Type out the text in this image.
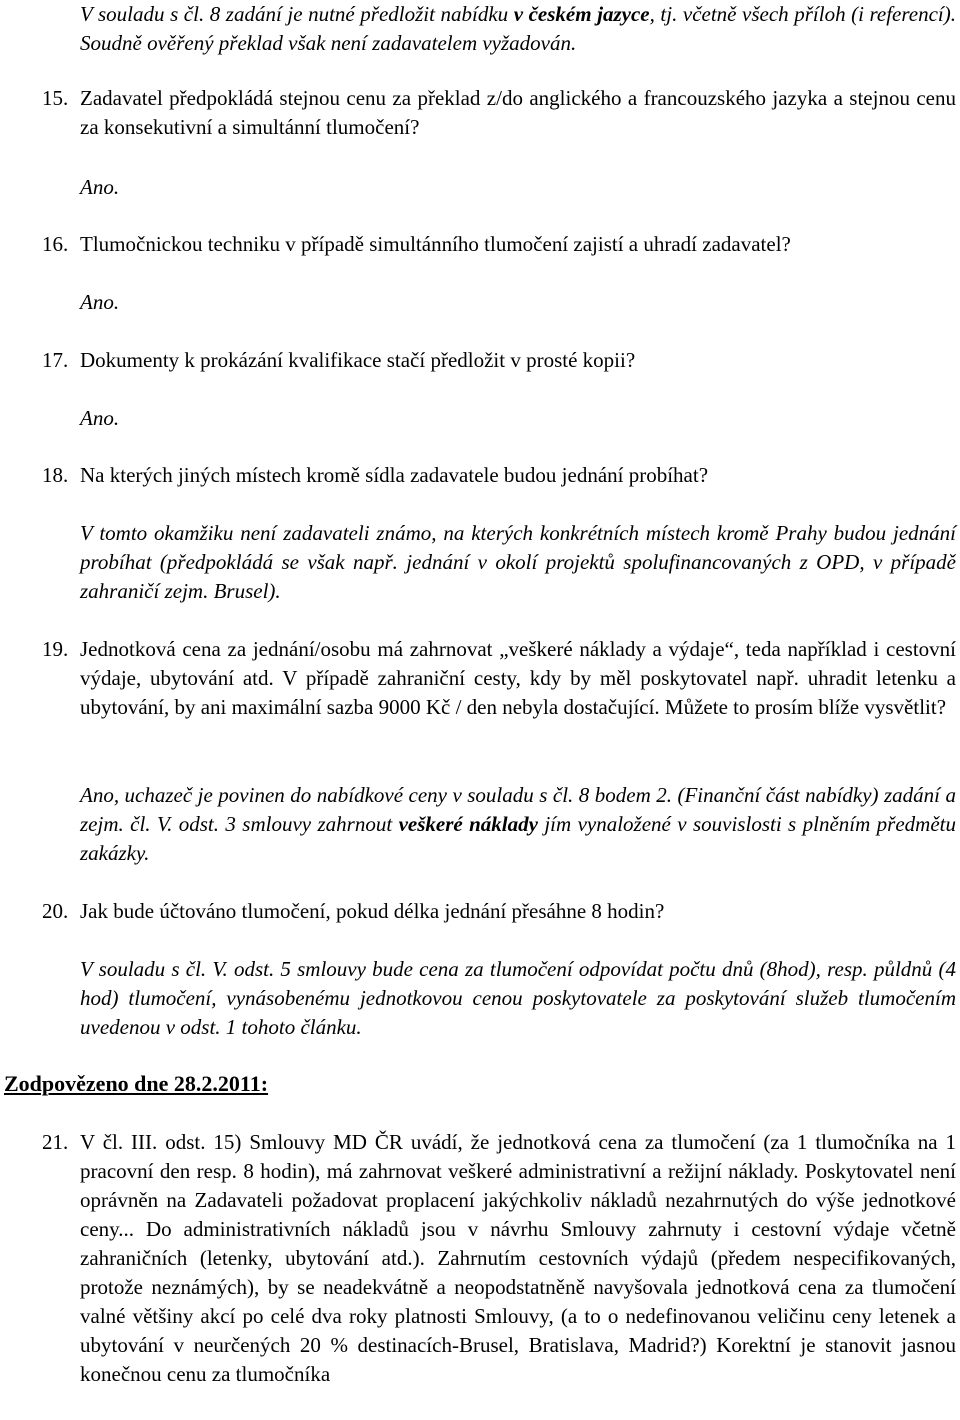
V souladu s čl. 8 zadání je nutné předložit nabídku v českém jazyce, tj. včetně všech příloh (i referencí). Soudně ověřený překlad však není zadavatelem vyžadován.
15. Zadavatel předpokládá stejnou cenu za překlad z/do anglického a francouzského jazyka a stejnou cenu za konsekutivní a simultánní tlumočení?
Ano.
16. Tlumočnickou techniku v případě simultánního tlumočení zajistí a uhradí zadavatel?
Ano.
17. Dokumenty k prokázání kvalifikace stačí předložit v prosté kopii?
Ano.
18. Na kterých jiných místech kromě sídla zadavatele budou jednání probíhat?
V tomto okamžiku není zadavateli známo, na kterých konkrétních místech kromě Prahy budou jednání probíhat (předpokládá se však např. jednání v okolí projektů spolufinancovaných z OPD, v případě zahraničí zejm. Brusel).
19. Jednotková cena za jednání/osobu má zahrnovat „veškeré náklady a výdaje“, teda například i cestovní výdaje, ubytování atd. V případě zahraniční cesty, kdy by měl poskytovatel např. uhradit letenku a ubytování, by ani maximální sazba 9000 Kč / den nebyla dostačující. Můžete to prosím blíže vysvětlit?
Ano, uchazeč je povinen do nabídkové ceny v souladu s čl. 8 bodem 2. (Finanční část nabídky) zadání a zejm. čl. V. odst. 3 smlouvy zahrnout veškeré náklady jím vynaložené v souvislosti s plněním předmětu zakázky.
20. Jak bude účtováno tlumočení, pokud délka jednání přesáhne 8 hodin?
V souladu s čl. V. odst. 5 smlouvy bude cena za tlumočení odpovídat počtu dnů (8hod), resp. půldnů (4 hod) tlumočení, vynásobenému jednotkovou cenou poskytovatele za poskytování služeb tlumočením uvedenou v odst. 1 tohoto článku.
Zodpovězeno dne 28.2.2011:
21. V čl. III. odst. 15) Smlouvy MD ČR uvádí, že jednotková cena za tlumočení (za 1 tlumočníka na 1 pracovní den resp. 8 hodin), má zahrnovat veškeré administrativní a režijní náklady. Poskytovatel není oprávněn na Zadavateli požadovat proplacení jakýchkoliv nákladů nezahrnutých do výše jednotkové ceny... Do administrativních nákladů jsou v návrhu Smlouvy zahrnuty i cestovní výdaje včetně zahraničních (letenky, ubytování atd.). Zahrnutím cestovních výdajů (předem nespecifikovaných, protože neznámých), by se neadekvátně a neopodstatněně navyšovala jednotková cena za tlumočení valné většiny akcí po celé dva roky platnosti Smlouvy, (a to o nedefinovanou veličinu ceny letenek a ubytování v neurčených 20 % destinacích-Brusel, Bratislava, Madrid?) Korektní je stanovit jasnou konečnou cenu za tlumočníka
